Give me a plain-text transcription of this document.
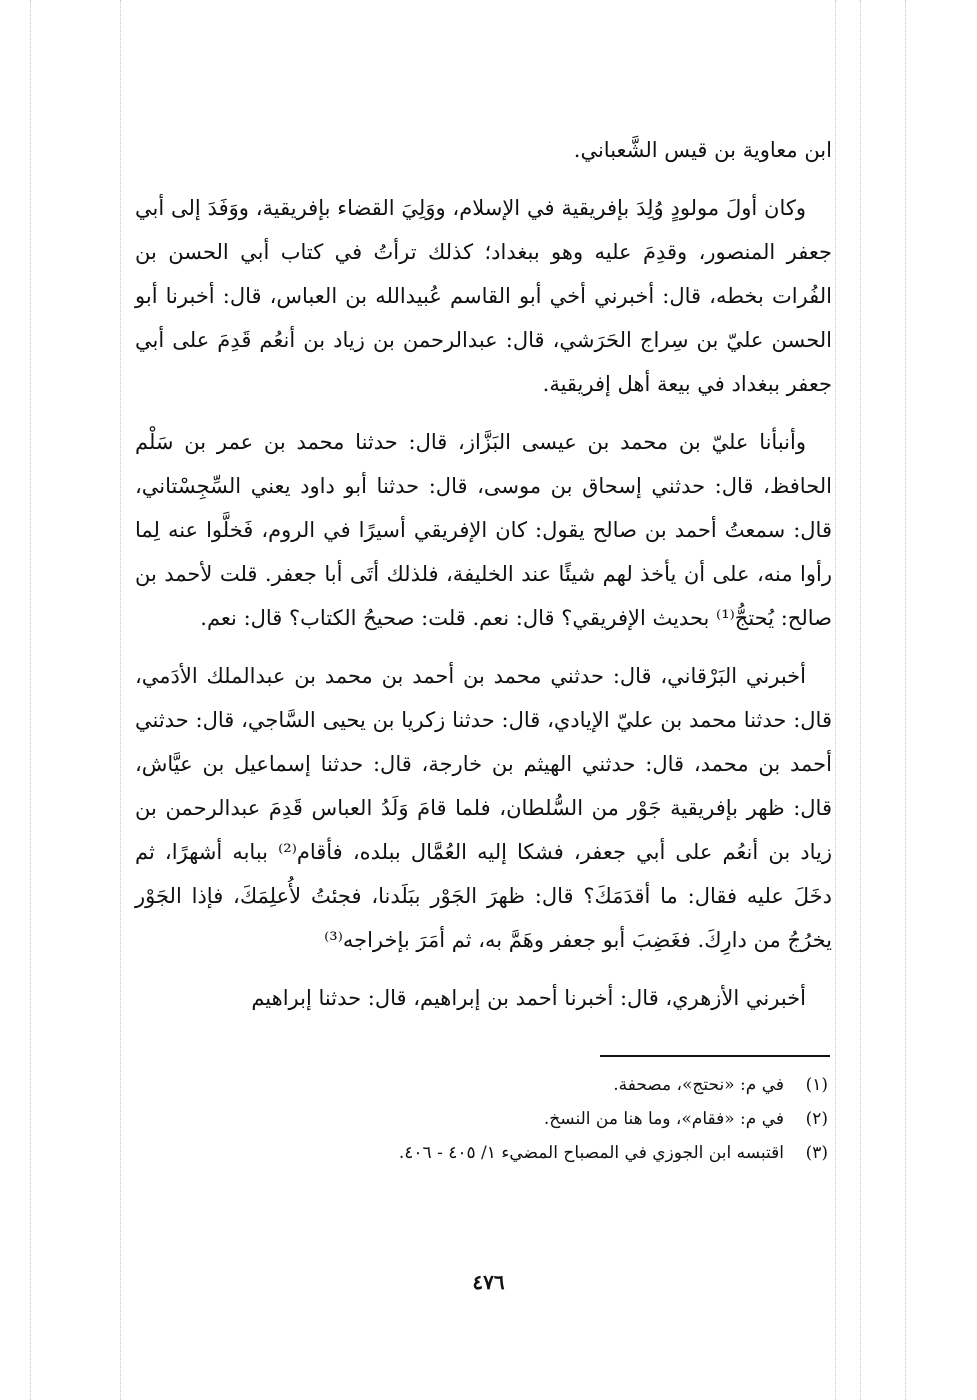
ابن معاوية بن قيس الشَّعباني.

وكان أولَ مولودٍ وُلِدَ بإفريقية في الإسلام، ووَلِيَ القضاء بإفريقية، ووَفَدَ إلى أبي جعفر المنصور، وقدِمَ عليه وهو ببغداد؛ كذلك ترأتُ في كتاب أبي الحسن بن الفُرات بخطه، قال: أخبرني أخي أبو القاسم عُبيدالله بن العباس، قال: أخبرنا أبو الحسن عليّ بن سِراج الحَرَشي، قال: عبدالرحمن بن زياد بن أنعُم قَدِمَ على أبي جعفر ببغداد في بيعة أهل إفريقية.

وأنبأنا عليّ بن محمد بن عيسى البَزَّاز، قال: حدثنا محمد بن عمر بن سَلْم الحافظ، قال: حدثني إسحاق بن موسى، قال: حدثنا أبو داود يعني السِّجِسْتاني، قال: سمعتُ أحمد بن صالح يقول: كان الإفريقي أسيرًا في الروم، فَخلَّوا عنه لِما رأوا منه، على أن يأخذ لهم شيئًا عند الخليفة، فلذلك أتَى أبا جعفر. قلت لأحمد بن صالح: يُحتجُّ⁽¹⁾ بحديث الإفريقي؟ قال: نعم. قلت: صحيحُ الكتاب؟ قال: نعم.

أخبرني البَرْقاني، قال: حدثني محمد بن أحمد بن محمد بن عبدالملك الأدَمي، قال: حدثنا محمد بن عليّ الإيادي، قال: حدثنا زكريا بن يحيى السَّاجي، قال: حدثني أحمد بن محمد، قال: حدثني الهيثم بن خارجة، قال: حدثنا إسماعيل بن عيَّاش، قال: ظهر بإفريقية جَوْر من السُّلطان، فلما قامَ وَلَدُ العباس قَدِمَ عبدالرحمن بن زياد بن أنعُم على أبي جعفر، فشكا إليه العُمَّال ببلده، فأقام⁽²⁾ ببابه أشهرًا، ثم دخَلَ عليه فقال: ما أقدَمَكَ؟ قال: ظهرَ الجَوْر ببَلَدنا، فجئتُ لأُعلِمَكَ، فإذا الجَوْر يخرُجُ من دارِكَ. فغَضِبَ أبو جعفر وهَمَّ به، ثم أمَرَ بإخراجه⁽³⁾

أخبرني الأزهري، قال: أخبرنا أحمد بن إبراهيم، قال: حدثنا إبراهيم

(١)
في م: «نحتج»، مصحفة.
(٢)
في م: «فقام»، وما هنا من النسخ.
(٣)
اقتبسه ابن الجوزي في المصباح المضيء ١/ ٤٠٥ - ٤٠٦.
٤٧٦
